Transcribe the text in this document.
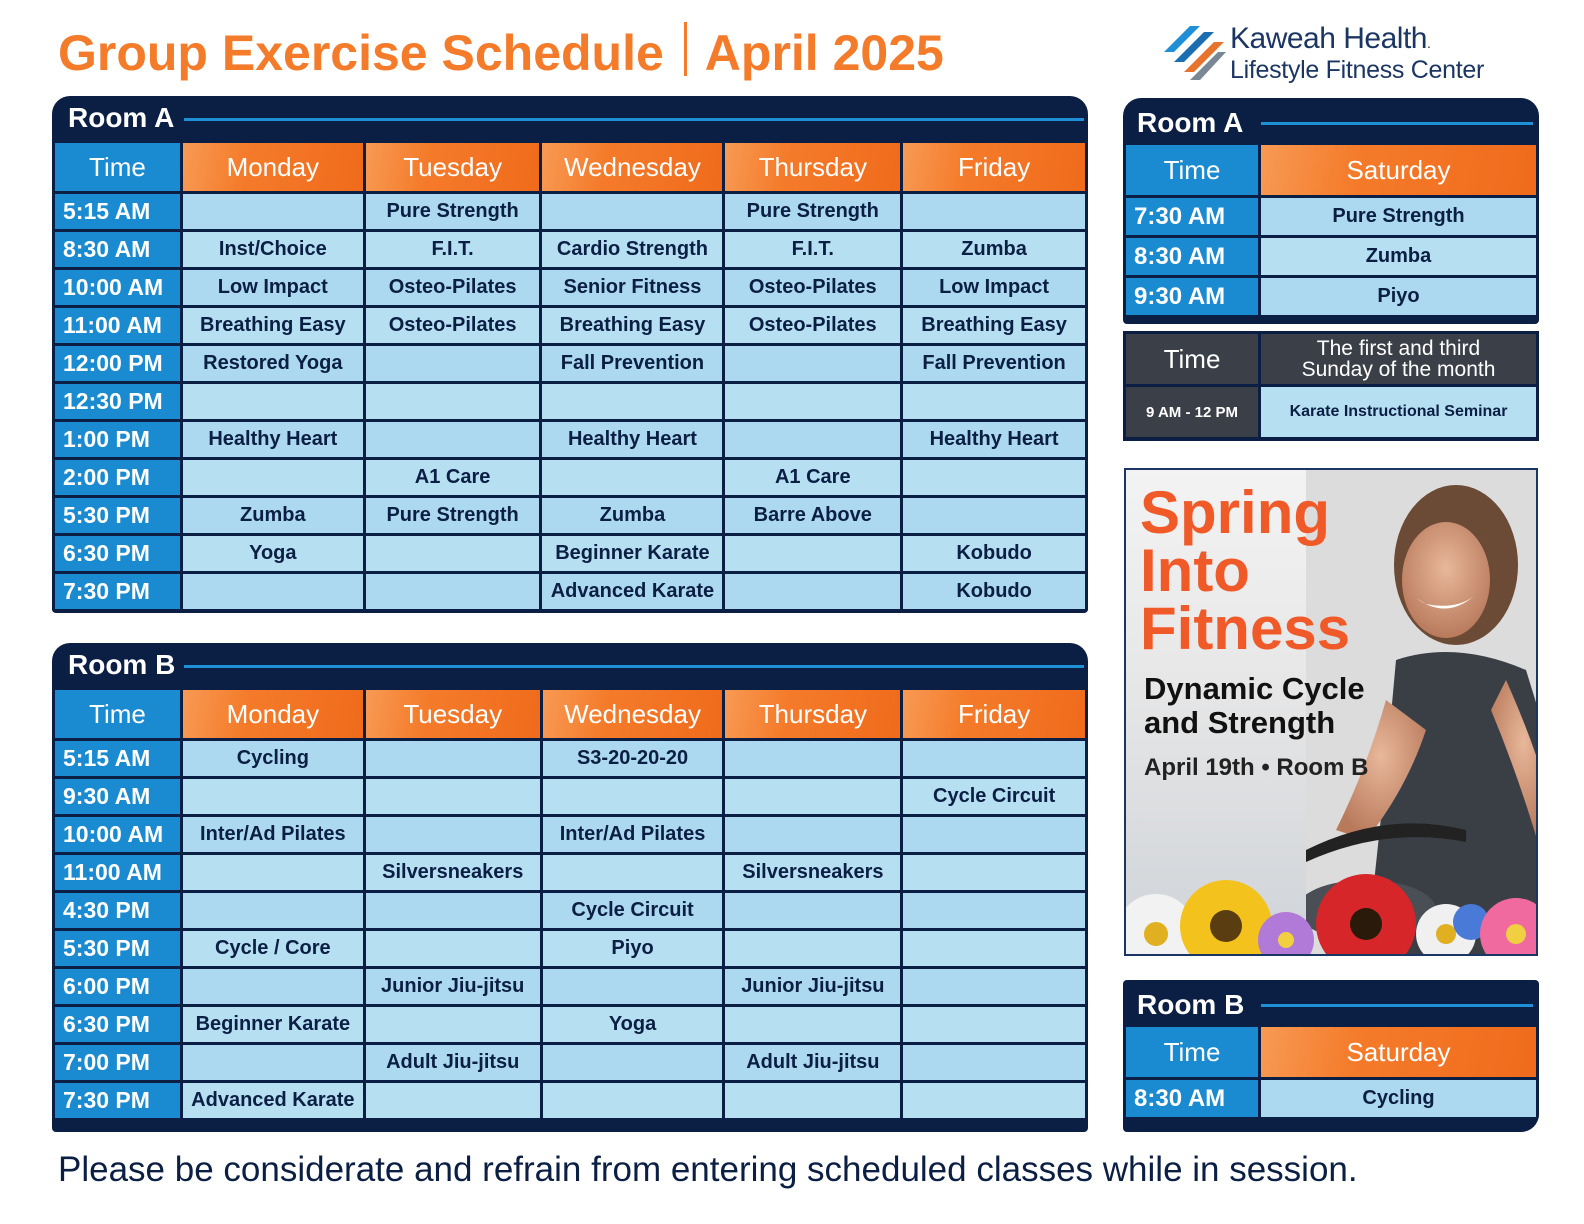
Group Exercise Schedule April 2025	Kaweah Health.
Lifestyle Fitness Center
Room A
Time	Monday	Tuesday	Wednesday	Thursday	Friday
5:15 AM		Pure Strength		Pure Strength	
8:30 AM	Inst/Choice	F.I.T.	Cardio Strength	F.I.T.	Zumba
10:00 AM	Low Impact	Osteo-Pilates	Senior Fitness	Osteo-Pilates	Low Impact
11:00 AM	Breathing Easy	Osteo-Pilates	Breathing Easy	Osteo-Pilates	Breathing Easy
12:00 PM	Restored Yoga		Fall Prevention		Fall Prevention
12:30 PM					
1:00 PM	Healthy Heart		Healthy Heart		Healthy Heart
2:00 PM		A1 Care		A1 Care	
5:30 PM	Zumba	Pure Strength	Zumba	Barre Above	
6:30 PM	Yoga		Beginner Karate		Kobudo
7:30 PM			Advanced Karate		Kobudo
Room B
Time	Monday	Tuesday	Wednesday	Thursday	Friday
5:15 AM	Cycling		S3-20-20-20		
9:30 AM					Cycle Circuit
10:00 AM	Inter/Ad Pilates		Inter/Ad Pilates		
11:00 AM		Silversneakers		Silversneakers	
4:30 PM			Cycle Circuit		
5:30 PM	Cycle / Core		Piyo		
6:00 PM		Junior Jiu-jitsu		Junior Jiu-jitsu	
6:30 PM	Beginner Karate		Yoga		
7:00 PM		Adult Jiu-jitsu		Adult Jiu-jitsu	
7:30 PM	Advanced Karate				
Room A
Time	Saturday
7:30 AM	Pure Strength
8:30 AM	Zumba
9:30 AM	Piyo
Time	The first and third
Sunday of the month

9 AM - 12 PM	Karate Instructional Seminar
Spring
Into
Fitness
Dynamic Cycle
and Strength
April 19th • Room B
Room B
Time	Saturday
8:30 AM	Cycling
Please be considerate and refrain from entering scheduled classes while in session.
